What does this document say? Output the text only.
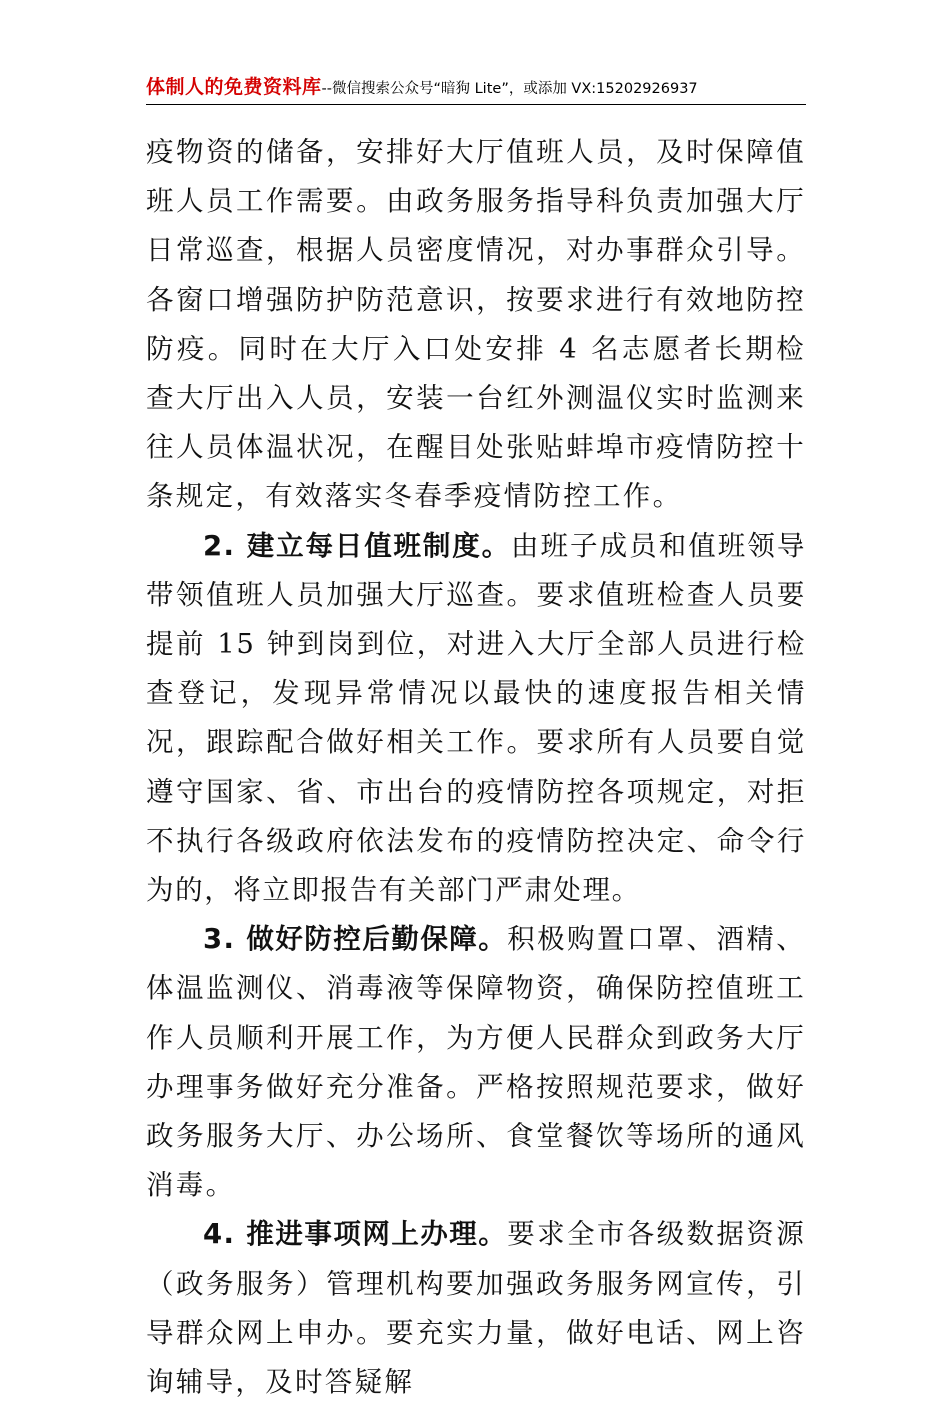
体制人的免费资料库--微信搜索公众号“暗狗 Lite”，或添加 VX:15202926937

疫物资的储备，安排好大厅值班人员，及时保障值班人员工作需要。由政务服务指导科负责加强大厅日常巡查，根据人员密度情况，对办事群众引导。各窗口增强防护防范意识，按要求进行有效地防控防疫。同时在大厅入口处安排 4 名志愿者长期检查大厅出入人员，安装一台红外测温仪实时监测来往人员体温状况，在醒目处张贴蚌埠市疫情防控十条规定，有效落实冬春季疫情防控工作。

2. 建立每日值班制度。由班子成员和值班领导带领值班人员加强大厅巡查。要求值班检查人员要提前 15 钟到岗到位，对进入大厅全部人员进行检查登记，发现异常情况以最快的速度报告相关情况，跟踪配合做好相关工作。要求所有人员要自觉遵守国家、省、市出台的疫情防控各项规定，对拒不执行各级政府依法发布的疫情防控决定、命令行为的，将立即报告有关部门严肃处理。

3. 做好防控后勤保障。积极购置口罩、酒精、体温监测仪、消毒液等保障物资，确保防控值班工作人员顺利开展工作，为方便人民群众到政务大厅办理事务做好充分准备。严格按照规范要求，做好政务服务大厅、办公场所、食堂餐饮等场所的通风消毒。

4. 推进事项网上办理。要求全市各级数据资源（政务服务）管理机构要加强政务服务网宣传，引导群众网上申办。要充实力量，做好电话、网上咨询辅导，及时答疑解
